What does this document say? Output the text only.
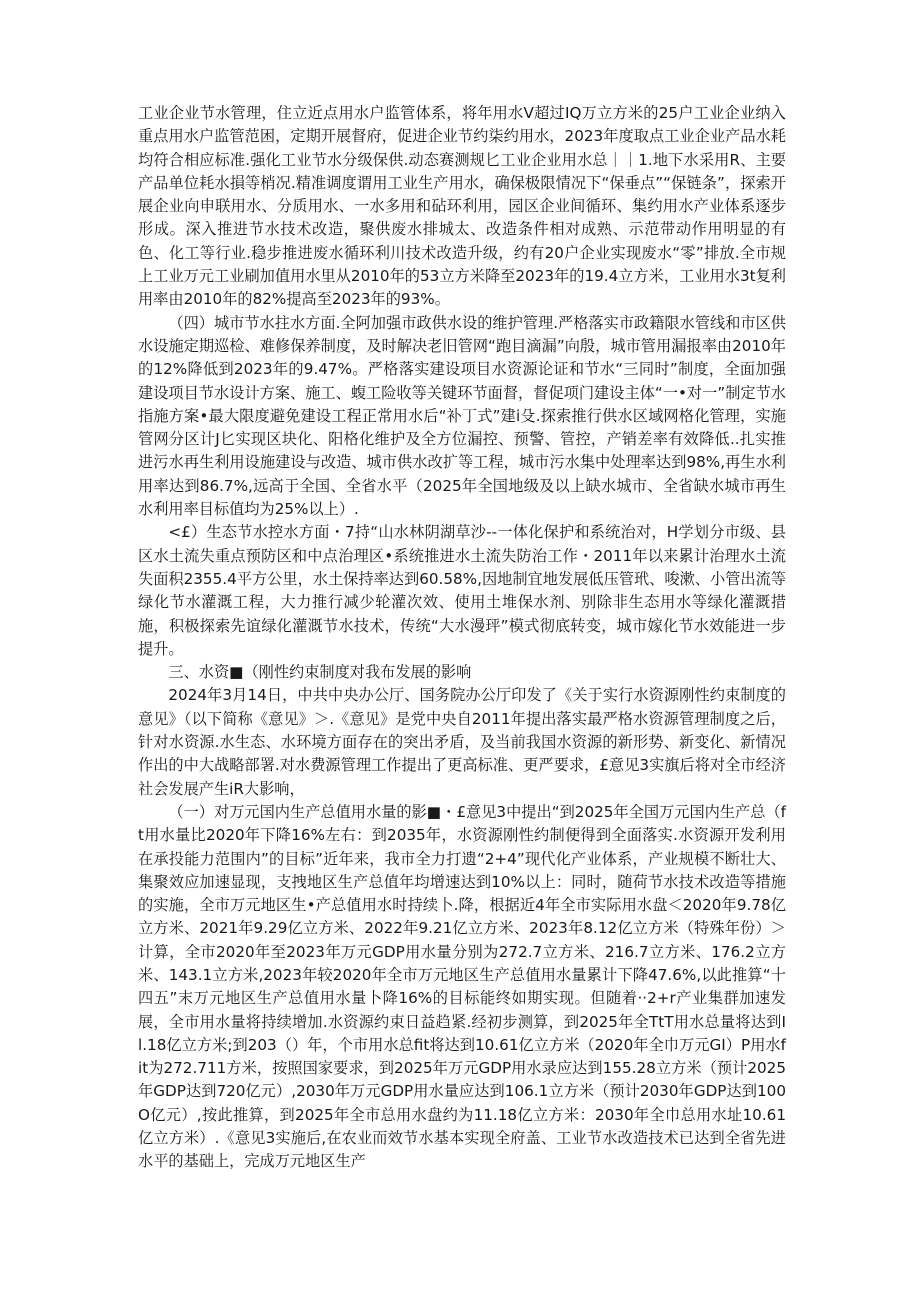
工业企业节水管理，住立近点用水户监管体系，将年用水V超过IQ万立方米的25户工业企业纳入重点用水户监管范困，定期开展督府，促进企业节约柒约用水，2023年度取点工业企业产品水耗均符合相应标准.强化工业节水分级保供.动态赛测规匕工业企业用水总｜｜1.地下水采用R、主要产品单位耗水損等梢况.精准调度谓用工业生产用水，确保极限情况下“保垂点”“保链条”，探索开展企业向申联用水、分质用水、一水多用和砧环利用，园区企业间循环、集约用水产业体系逐步形成。深入推进节水技术改造，聚供废水排城太、改造条件相对成熟、示范带动作用明显的有色、化工等行业.稳步推进废水循环利川技术改造升级，约有20户企业实现废水“零”排放.全市规上工业万元工业刷加值用水里从2010年的53立方米降至2023年的19.4立方米，工业用水3t复利用率由2010年的82%提高至2023年的93%。

（四）城市节水拄水方面.全阿加强市政供水设的维护管理.严格落实市政籍限水管线和市区供水设施定期巡检、难修保养制度，及时解决老旧管网“跑目滴漏”向殷，城市管用漏报率由2010年的12%降低到2023年的9.47%。严格落实建设项目水资源论证和节水“三同时”制度，全面加强建设项目节水设计方案、施工、蝮工险收等关键环节面督，督促项门建设主体“一•对一”制定节水指施方案•最大限度避免建设工程正常用水后“补丁式”建i殳.探索推行供水区域网格化管理，实施管网分区计J匕实现区块化、阳格化维护及全方位漏控、预警、管控，产销差率有效降低..扎实推进污水再生利用设施建设与改造、城市供水改扩等工程，城市污水集中处理率达到98%,再生水利用率达到86.7%,远高于全国、全省水平（2025年全国地级及以上缺水城市、全省缺水城市再生水利用率目标值均为25%以上）.

<£）生态节水控水方面・7持“山水林阴湖草沙--一体化保护和系统治对，H学划分市级、县区水土流失重点预防区和中点治理区•系统推进水土流失防治工作・2011年以来累计治理水土流失面积2355.4平方公里，水土保持率达到60.58%,因地制宜地发展低压管玳、唆漱、小管出流等绿化节水灌溉工程，大力推行减少轮灌次效、使用土堆保水剂、别除非生态用水等绿化灌溉措施，积极探索先谊绿化灌溉节水技术，传统“大水漫玶”模式彻底转变，城市嫁化节水效能进一步提升。

三、水资■（刚性约束制度对我布发展的影响

2024年3月14日，中共中央办公厅、国务院办公厅印发了《关于实行水资源刚性约束制度的意见》（以下简称《意见》＞.《意见》是党中央自2011年提出落实最严格水资源管理制度之后，针对水资源.水生态、水环境方面存在的突出矛盾，及当前我国水资源的新形势、新变化、新情况作出的中大战略部署.对水费源管理工作提出了更高标准、更严要求，£意见3实旗后将对全市经济社会发展产生iR大影响，

（一）对万元国内生产总值用水量的影■・£意见3中提出“到2025年全国万元国内生产总（ft用水量比2020年下降16%左右：到2035年，水资源刚性约制便得到全面落实.水资源开发利用在承投能力范围内”的目标”近年来，我市全力打遗“2+4”现代化产业体系，产业规模不断壮大、集聚效应加速显现，支拽地区生产总值年均增速达到10%以上：同时，随荷节水技术改造等措施的实施，全市万元地区生•产总值用水时持续卜.降，根据近4年全市实际用水盘＜2020年9.78亿立方米、2021年9.29亿立方米、2022年9.21亿立方米、2023年8.12亿立方米（特殊年份）＞计算，全市2020年至2023年万元GDP用水量分别为272.7立方米、216.7立方米、176.2立方米、143.1立方米,2023年较2020年全市万元地区生产总值用水量累计下降47.6%,以此推算“十四五”末万元地区生产总值用水量卜降16%的目标能终如期实现。但随着··2+r产业集群加速发展，全市用水量将持续增加.水资源约束日益趋紧.经初步测算，到2025年全TtT用水总量将达到Il.18亿立方米;到203（）年，个市用水总fit将达到10.61亿立方米（2020年全巾万元GI）P用水fit为272.711方米，按照国家要求，到2025年万元GDP用水录应达到155.28立方米（预计2025年GDP达到720亿元）,2030年万元GDP用水量应达到106.1立方米（预计2030年GDP达到100O亿元）,按此推算，到2025年全市总用水盘约为11.18亿立方米：2030年全巾总用水址10.61亿立方米）.《意见3实施后,在农业而效节水基本实现全府盖、工业节水改造技术已达到全省先进水平的基础上，完成万元地区生产
